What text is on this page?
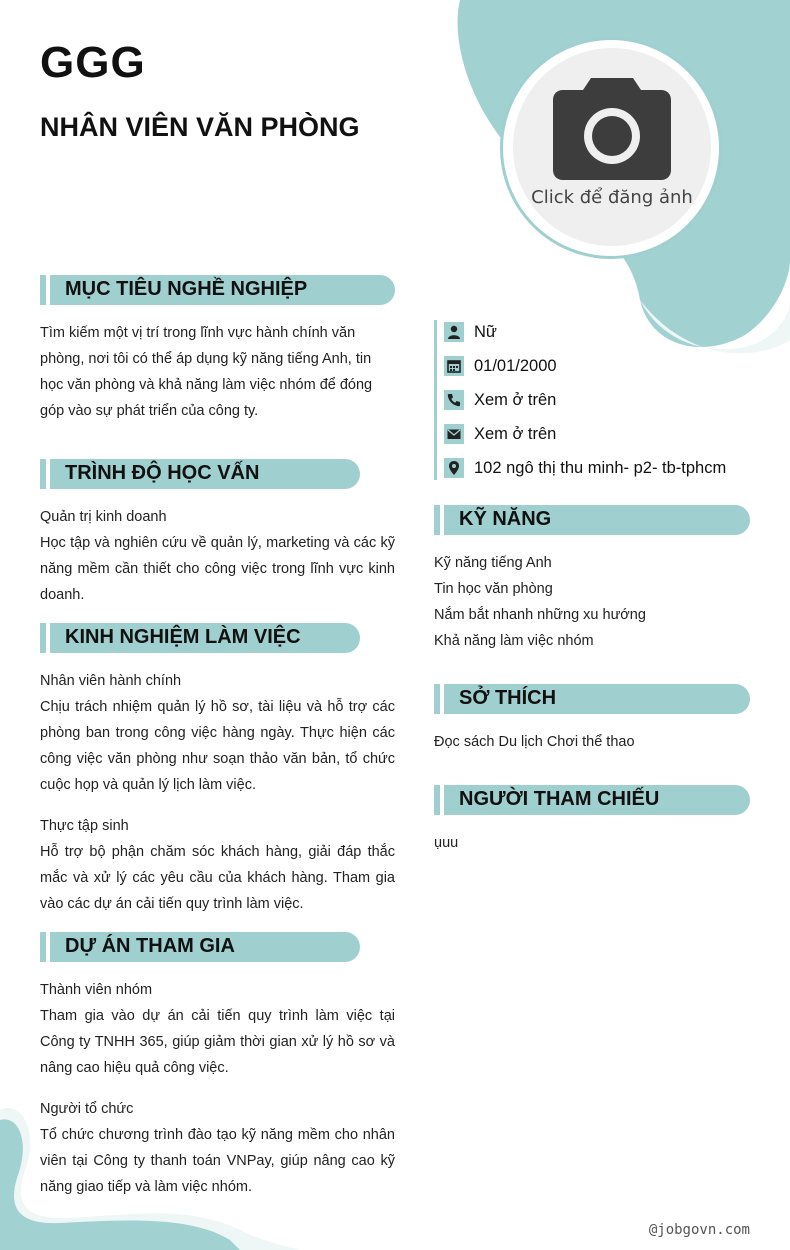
GGG
NHÂN VIÊN VĂN PHÒNG
Click để đăng ảnh
MỤC TIÊU NGHỀ NGHIỆP
Tìm kiếm một vị trí trong lĩnh vực hành chính văn phòng, nơi tôi có thể áp dụng kỹ năng tiếng Anh, tin học văn phòng và khả năng làm việc nhóm để đóng góp vào sự phát triển của công ty.
TRÌNH ĐỘ HỌC VẤN
Quản trị kinh doanh
Học tập và nghiên cứu về quản lý, marketing và các kỹ năng mềm cần thiết cho công việc trong lĩnh vực kinh doanh.
KINH NGHIỆM LÀM VIỆC
Nhân viên hành chính
Chịu trách nhiệm quản lý hồ sơ, tài liệu và hỗ trợ các phòng ban trong công việc hàng ngày. Thực hiện các công việc văn phòng như soạn thảo văn bản, tổ chức cuộc họp và quản lý lịch làm việc.
Thực tập sinh
Hỗ trợ bộ phận chăm sóc khách hàng, giải đáp thắc mắc và xử lý các yêu cầu của khách hàng. Tham gia vào các dự án cải tiến quy trình làm việc.
DỰ ÁN THAM GIA
Thành viên nhóm
Tham gia vào dự án cải tiến quy trình làm việc tại Công ty TNHH 365, giúp giảm thời gian xử lý hồ sơ và nâng cao hiệu quả công việc.
Người tổ chức
Tổ chức chương trình đào tạo kỹ năng mềm cho nhân viên tại Công ty thanh toán VNPay, giúp nâng cao kỹ năng giao tiếp và làm việc nhóm.
Nữ
01/01/2000
Xem ở trên
Xem ở trên
102 ngô thị thu minh- p2- tb-tphcm
KỸ NĂNG
Kỹ năng tiếng Anh
Tin học văn phòng
Nắm bắt nhanh những xu hướng
Khả năng làm việc nhóm
SỞ THÍCH
Đọc sách Du lịch Chơi thể thao
NGƯỜI THAM CHIẾU
ụuu
@jobgovn.com
